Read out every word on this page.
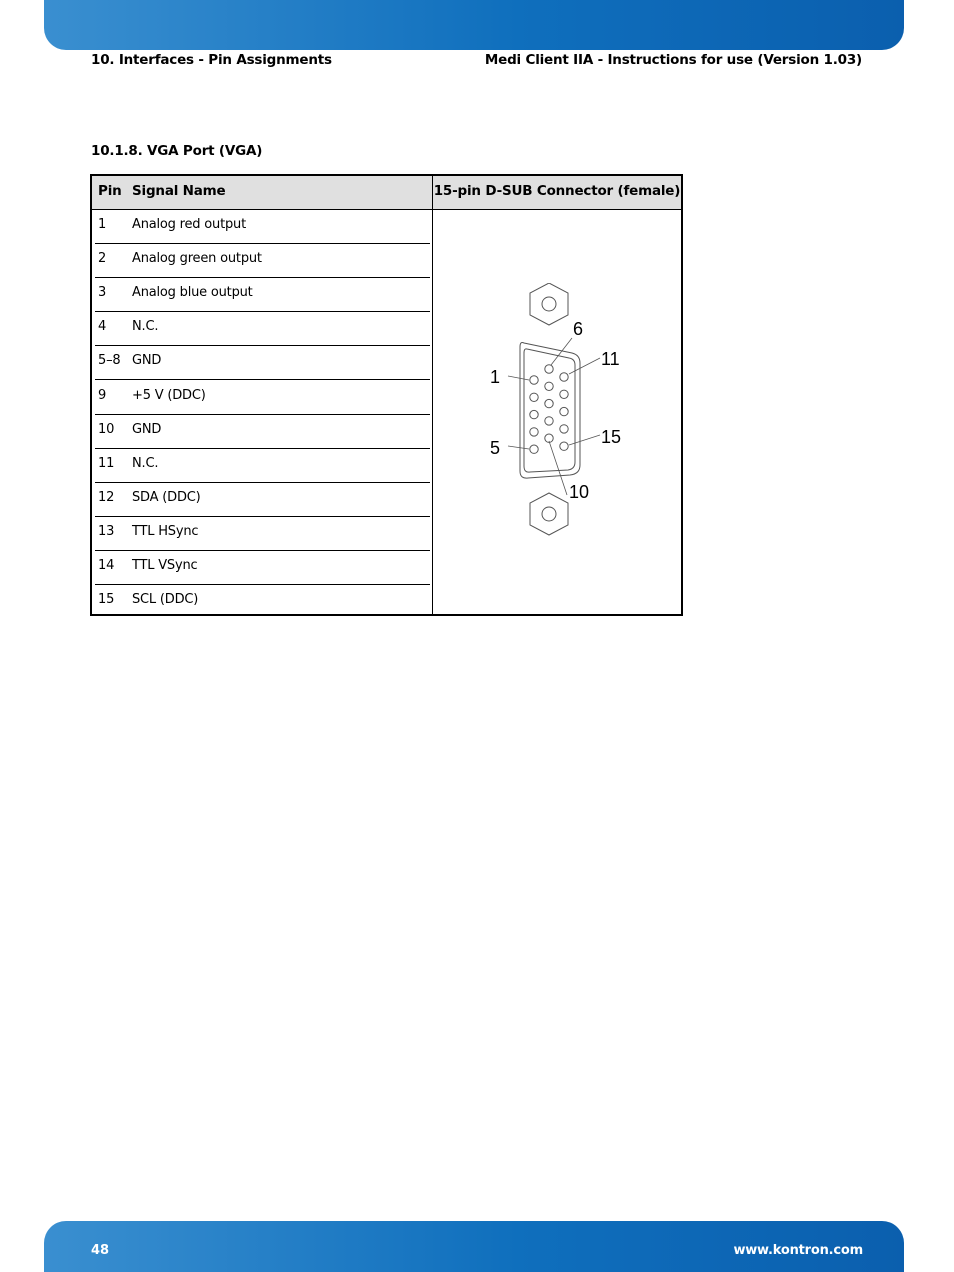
10. Interfaces - Pin Assignments	Medi Client IIA - Instructions for use (Version 1.03)
10.1.8. VGA Port (VGA)
Pin Signal Name	15-pin D-SUB Connector (female)
1 Analog red output
2 Analog green output
3 Analog blue output
4 N.C.
5–8 GND
9 +5 V (DDC)
10 GND
11 N.C.
12 SDA (DDC)
13 TTL HSync
14 TTL VSync
15 SCL (DDC)
1
5
6
10
11
15
48	www.kontron.com
